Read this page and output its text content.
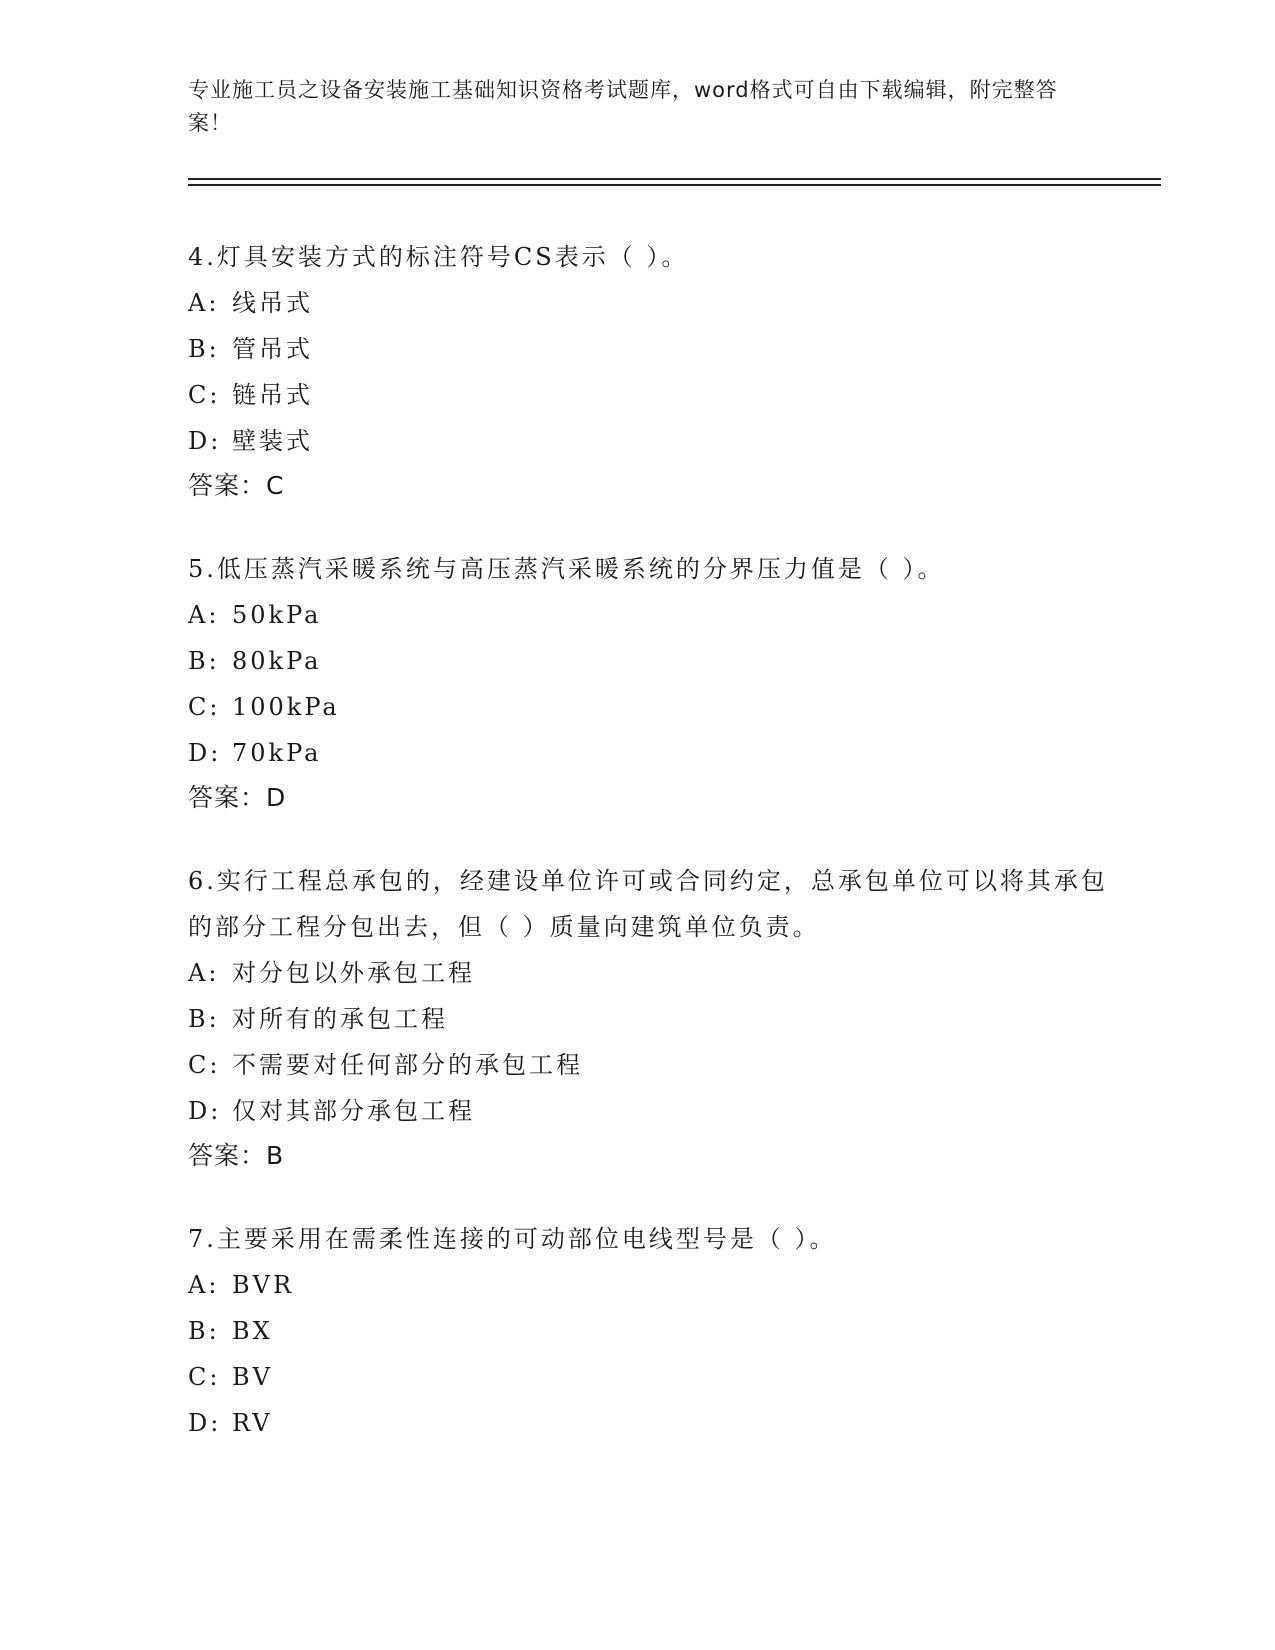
专业施工员之设备安装施工基础知识资格考试题库，word格式可自由下载编辑，附完整答案！

4.灯具安装方式的标注符号CS表示（ ）。

A: 线吊式

B: 管吊式

C: 链吊式

D: 壁装式

答案：C

5.低压蒸汽采暖系统与高压蒸汽采暖系统的分界压力值是（ ）。

A: 50kPa

B: 80kPa

C: 100kPa

D: 70kPa

答案：D

6.实行工程总承包的，经建设单位许可或合同约定，总承包单位可以将其承包的部分工程分包出去，但（ ）质量向建筑单位负责。

A: 对分包以外承包工程

B: 对所有的承包工程

C: 不需要对任何部分的承包工程

D: 仅对其部分承包工程

答案：B

7.主要采用在需柔性连接的可动部位电线型号是（ ）。

A: BVR

B: BX

C: BV

D: RV
